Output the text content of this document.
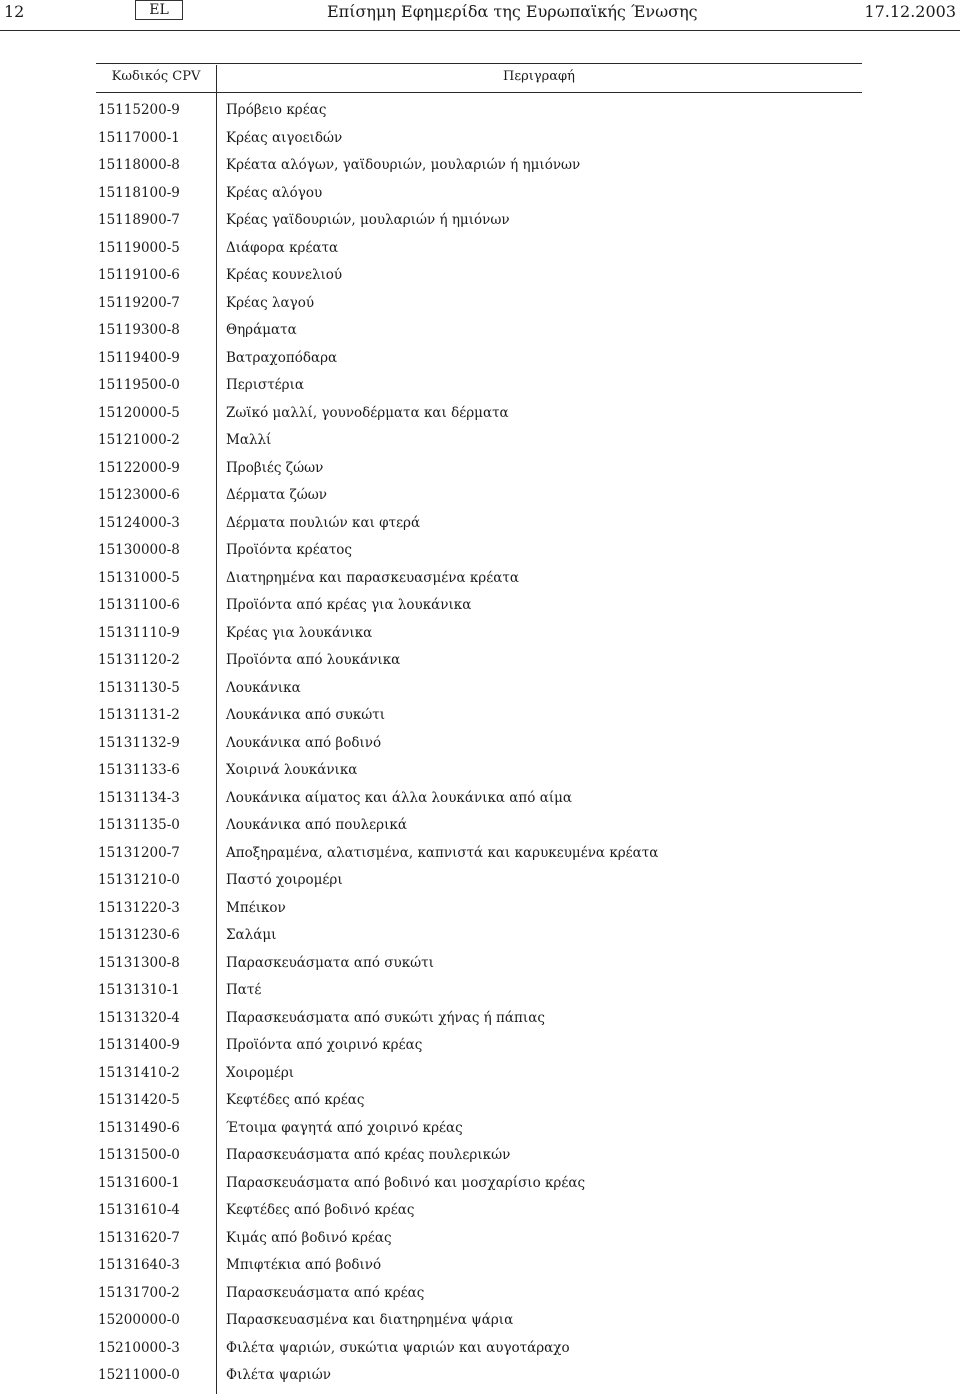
12	EL	Επίσημη Εφημερίδα της Ευρωπαϊκής Ένωσης	17.12.2003
Κωδικός CPV	Περιγραφή
15115200-9	Πρόβειο κρέας
15117000-1	Κρέας αιγοειδών
15118000-8	Κρέατα αλόγων, γαϊδουριών, μουλαριών ή ημιόνων
15118100-9	Κρέας αλόγου
15118900-7	Κρέας γαϊδουριών, μουλαριών ή ημιόνων
15119000-5	Διάφορα κρέατα
15119100-6	Κρέας κουνελιού
15119200-7	Κρέας λαγού
15119300-8	Θηράματα
15119400-9	Βατραχοπόδαρα
15119500-0	Περιστέρια
15120000-5	Ζωϊκό μαλλί, γουνοδέρματα και δέρματα
15121000-2	Μαλλί
15122000-9	Προβιές ζώων
15123000-6	Δέρματα ζώων
15124000-3	Δέρματα πουλιών και φτερά
15130000-8	Προϊόντα κρέατος
15131000-5	Διατηρημένα και παρασκευασμένα κρέατα
15131100-6	Προϊόντα από κρέας για λουκάνικα
15131110-9	Κρέας για λουκάνικα
15131120-2	Προϊόντα από λουκάνικα
15131130-5	Λουκάνικα
15131131-2	Λουκάνικα από συκώτι
15131132-9	Λουκάνικα από βοδινό
15131133-6	Χοιρινά λουκάνικα
15131134-3	Λουκάνικα αίματος και άλλα λουκάνικα από αίμα
15131135-0	Λουκάνικα από πουλερικά
15131200-7	Αποξηραμένα, αλατισμένα, καπνιστά και καρυκευμένα κρέατα
15131210-0	Παστό χοιρομέρι
15131220-3	Μπέικον
15131230-6	Σαλάμι
15131300-8	Παρασκευάσματα από συκώτι
15131310-1	Πατέ
15131320-4	Παρασκευάσματα από συκώτι χήνας ή πάπιας
15131400-9	Προϊόντα από χοιρινό κρέας
15131410-2	Χοιρομέρι
15131420-5	Κεφτέδες από κρέας
15131490-6	Έτοιμα φαγητά από χοιρινό κρέας
15131500-0	Παρασκευάσματα από κρέας πουλερικών
15131600-1	Παρασκευάσματα από βοδινό και μοσχαρίσιο κρέας
15131610-4	Κεφτέδες από βοδινό κρέας
15131620-7	Κιμάς από βοδινό κρέας
15131640-3	Μπιφτέκια από βοδινό
15131700-2	Παρασκευάσματα από κρέας
15200000-0	Παρασκευασμένα και διατηρημένα ψάρια
15210000-3	Φιλέτα ψαριών, συκώτια ψαριών και αυγοτάραχο
15211000-0	Φιλέτα ψαριών
